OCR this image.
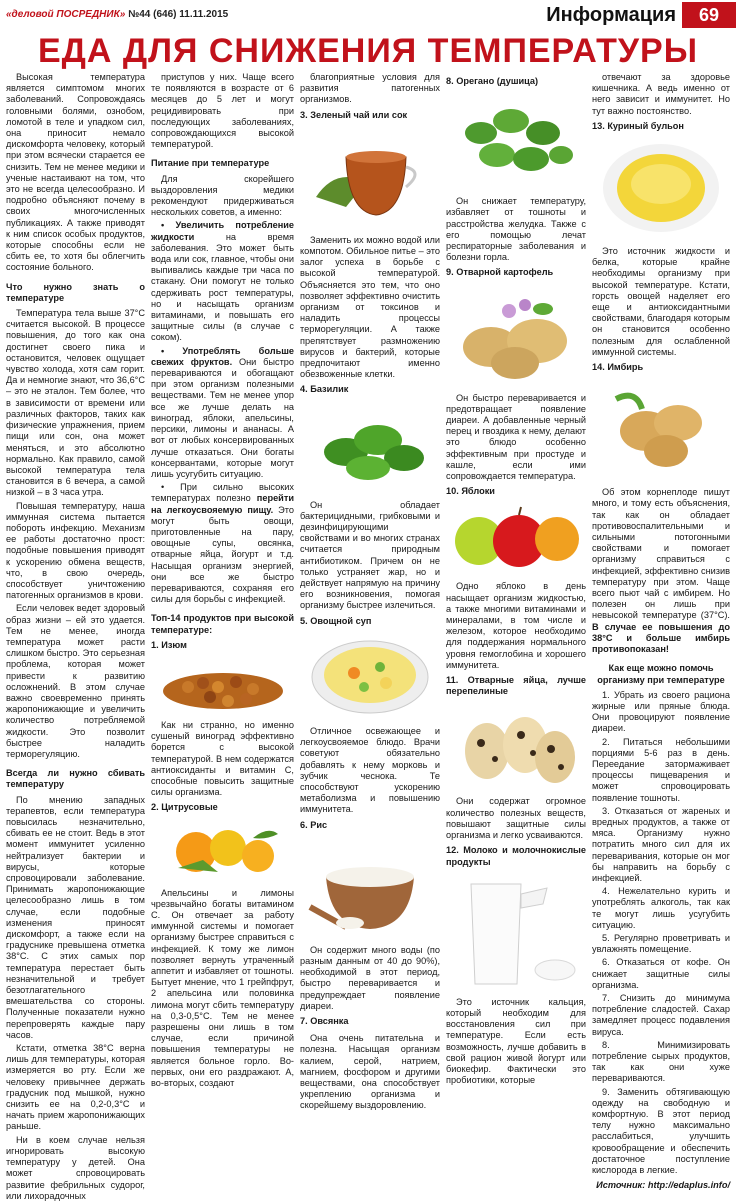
«деловой ПОСРЕДНИК» №44 (646) 11.11.2015	Информация	69
ЕДА ДЛЯ СНИЖЕНИЯ ТЕМПЕРАТУРЫ

Высокая температура является симптомом многих заболеваний. Сопровождаясь головными болями, ознобом, ломотой в теле и упадком сил, она приносит немало дискомфорта человеку, который при этом всячески старается ее снизить. Тем не менее медики и ученые настаивают на том, что это не всегда целесообразно. И подробно объясняют почему в своих многочисленных публикациях. А также приводят к ним список особых продуктов, которые способны если не сбить ее, то хотя бы облегчить состояние больного.

Что нужно знать о температуре

Температура тела выше 37°С считается высокой. В процессе повышения, до того как она достигнет своего пика и остановится, человек ощущает чувство холода, хотя сам горит. Да и немногие знают, что 36,6°С – это не эталон. Тем более, что в зависимости от времени или различных факторов, таких как физические упражнения, прием пищи или сон, она может меняться, и это абсолютно нормально. Как правило, самой высокой температура тела становится в 6 вечера, а самой низкой – в 3 часа утра.

Повышая температуру, наша иммунная система пытается побороть инфекцию. Механизм ее работы достаточно прост: подобные повышения приводят к ускорению обмена веществ, что, в свою очередь, способствует уничтожению патогенных организмов в крови.

Если человек ведет здоровый образ жизни – ей это удается. Тем не менее, иногда температура может расти слишком быстро. Это серьезная проблема, которая может привести к развитию осложнений. В этом случае важно своевременно принять жаропонижающие и увеличить количество потребляемой жидкости. Это позволит быстрее наладить терморегуляцию.

Всегда ли нужно сбивать температуру

По мнению западных терапевтов, если температура повысилась незначительно, сбивать ее не стоит. Ведь в этот момент иммунитет усиленно нейтрализует бактерии и вирусы, которые спровоцировали заболевание. Принимать жаропонижающие целесообразно лишь в том случае, если подобные изменения приносят дискомфорт, а также если на градуснике превышена отметка 38°С. С этих самых пор температура перестает быть незначительной и требует безотлагательного вмешательства со стороны. Полученные показатели нужно перепроверять каждые пару часов.

Кстати, отметка 38°С верна лишь для температуры, которая измеряется во рту. Если же человеку привычнее держать градусник под мышкой, нужно снизить ее на 0,2-0,3°С и начать прием жаропонижающих раньше.

Ни в коем случае нельзя игнорировать высокую температуру у детей. Она может спровоцировать развитие фебрильных судорог, или лихорадочных

приступов у них. Чаще всего те появляются в возрасте от 6 месяцев до 5 лет и могут рецидивировать при последующих заболеваниях, сопровождающихся высокой температурой.

Питание при температуре

Для скорейшего выздоровления медики рекомендуют придерживаться нескольких советов, а именно:

• Увеличить потребление жидкости	на время заболевания. Это может быть вода или сок, главное, чтобы они выпивались каждые три часа по стакану. Они помогут не только сдерживать рост температуры, но и насыщать организм витаминами, и повышать его защитные силы (в случае с соком).

• Употреблять больше свежих фруктов. Они быстро перевариваются и обогащают при этом организм полезными веществами. Тем не менее упор все же лучше делать на виноград, яблоки, апельсины, персики, лимоны и ананасы. А вот от любых консервированных лучше отказаться. Они богаты консервантами, которые могут лишь усугубить ситуацию.

• При сильно высоких температурах полезно перейти на легкоусвояемую пищу. Это могут быть овощи, приготовленные на пару, овощные супы, овсянка, отварные яйца, йогурт и т.д. Насыщая организм энергией, они все же быстро перевариваются, сохраняя его силы для борьбы с инфекцией.

Топ-14 продуктов при высокой температуре:
1. Изюм

Как ни странно, но именно сушеный виноград эффективно борется с высокой температурой. В нем содержатся антиоксиданты и витамин С, способные повысить защитные силы организма.

2. Цитрусовые

Апельсины и лимоны чрезвычайно богаты витамином С. Он отвечает за работу иммунной системы и помогает организму быстрее справиться с инфекцией. К тому же лимон позволяет вернуть утраченный аппетит и избавляет от тошноты. Бытует мнение, что 1 грейпфрут, 2 апельсина или половинка лимона могут сбить температуру на 0,3-0,5°С. Тем не менее разрешены они лишь в том случае, если причиной повышения температуры не является больное горло. Во-первых, они его раздражают. А, во-вторых, создают

благоприятные условия для развития патогенных организмов.

3. Зеленый чай или сок

Заменить их можно водой или компотом. Обильное питье – это залог успеха в борьбе с высокой температурой. Объясняется это тем, что оно позволяет эффективно очистить организм от токсинов и наладить процессы терморегуляции. А также препятствует размножению вирусов и бактерий, которые предпочитают именно обезвоженные клетки.

4. Базилик

Он обладает бактерицидными, грибковыми и дезинфицирующими свойствами и во многих странах считается природным антибиотиком. Причем он не только устраняет жар, но и действует напрямую на причину его возникновения, помогая организму быстрее излечиться.

5. Овощной суп

Отличное освежающее и легкоусвояемое блюдо. Врачи советуют обязательно добавлять к нему морковь и зубчик чеснока. Те способствуют ускорению метаболизма и повышению иммунитета.

6. Рис

Он содержит много воды (по разным данным от 40 до 90%), необходимой в этот период, быстро переваривается и предупреждает появление диареи.

7. Овсянка

Она очень питательна и полезна. Насыщая организм калием, серой, натрием, магнием, фосфором и другими веществами, она способствует укреплению организма и скорейшему выздоровлению.

8. Орегано (душица)

Он снижает температуру, избавляет от тошноты и расстройства желудка. Также с его помощью лечат респираторные заболевания и болезни горла.

9. Отварной картофель

Он быстро переваривается и предотвращает появление диареи. А добавленные черный перец и гвоздика к нему, делают это блюдо особенно эффективным при простуде и кашле, если ими сопровождается температура.

10. Яблоки

Одно яблоко в день насыщает организм жидкостью, а также многими витаминами и минералами, в том числе и железом, которое необходимо для поддержания нормального уровня гемоглобина и хорошего иммунитета.

11. Отварные яйца, лучше перепелиные

Они содержат огромное количество полезных веществ, повышают защитные силы организма и легко усваиваются.

12. Молоко и молочнокислые продукты

Это источник кальция, который необходим для восстановления сил при температуре. Если есть возможность, лучше добавить в свой рацион живой йогурт или биокефир. Фактически это пробиотики, которые

отвечают за здоровье кишечника. А ведь именно от него зависит и иммунитет. Но тут важно постоянство.

13. Куриный бульон

Это источник жидкости и белка, которые крайне необходимы организму при высокой температуре. Кстати, горсть овощей наделяет его еще и антиоксидантными свойствами, благодаря которым он становится особенно полезным для ослабленной иммунной системы.

14. Имбирь

Об этом корнеплоде пишут много, и тому есть объяснения, так как он обладает противовоспалительными и сильными потогонными свойствами и помогает организму справиться с инфекцией, эффективно снизив температуру при этом. Чаще всего пьют чай с имбирем. Но полезен он лишь при невысокой температуре (37°С). В случае ее повышения до 38°С и больше имбирь противопоказан!

Как еще можно помочь организму при температуре

1. Убрать из своего рациона жирные или пряные блюда. Они провоцируют появление диареи.

2. Питаться небольшими порциями 5-6 раз в день. Переедание затормаживает процессы пищеварения и может спровоцировать появление тошноты.

3. Отказаться от жареных и вредных продуктов, а также от мяса. Организму нужно потратить много сил для их переваривания, которые он мог бы направить на борьбу с инфекцией.

4. Нежелательно курить и употреблять алкоголь, так как те могут лишь усугубить ситуацию.

5. Регулярно проветривать и увлажнять помещение.

6. Отказаться от кофе. Он снижает защитные силы организма.

7. Снизить до минимума потребление сладостей. Сахар замедляет процесс подавления вируса.

8. Минимизировать потребление сырых продуктов, так как они хуже перевариваются.

9. Заменить обтягивающую одежду на свободную и комфортную. В этот период телу нужно максимально расслабиться, улучшить кровообращение и обеспечить достаточное поступление кислорода в легкие.

Источник: http://edaplus.info/
